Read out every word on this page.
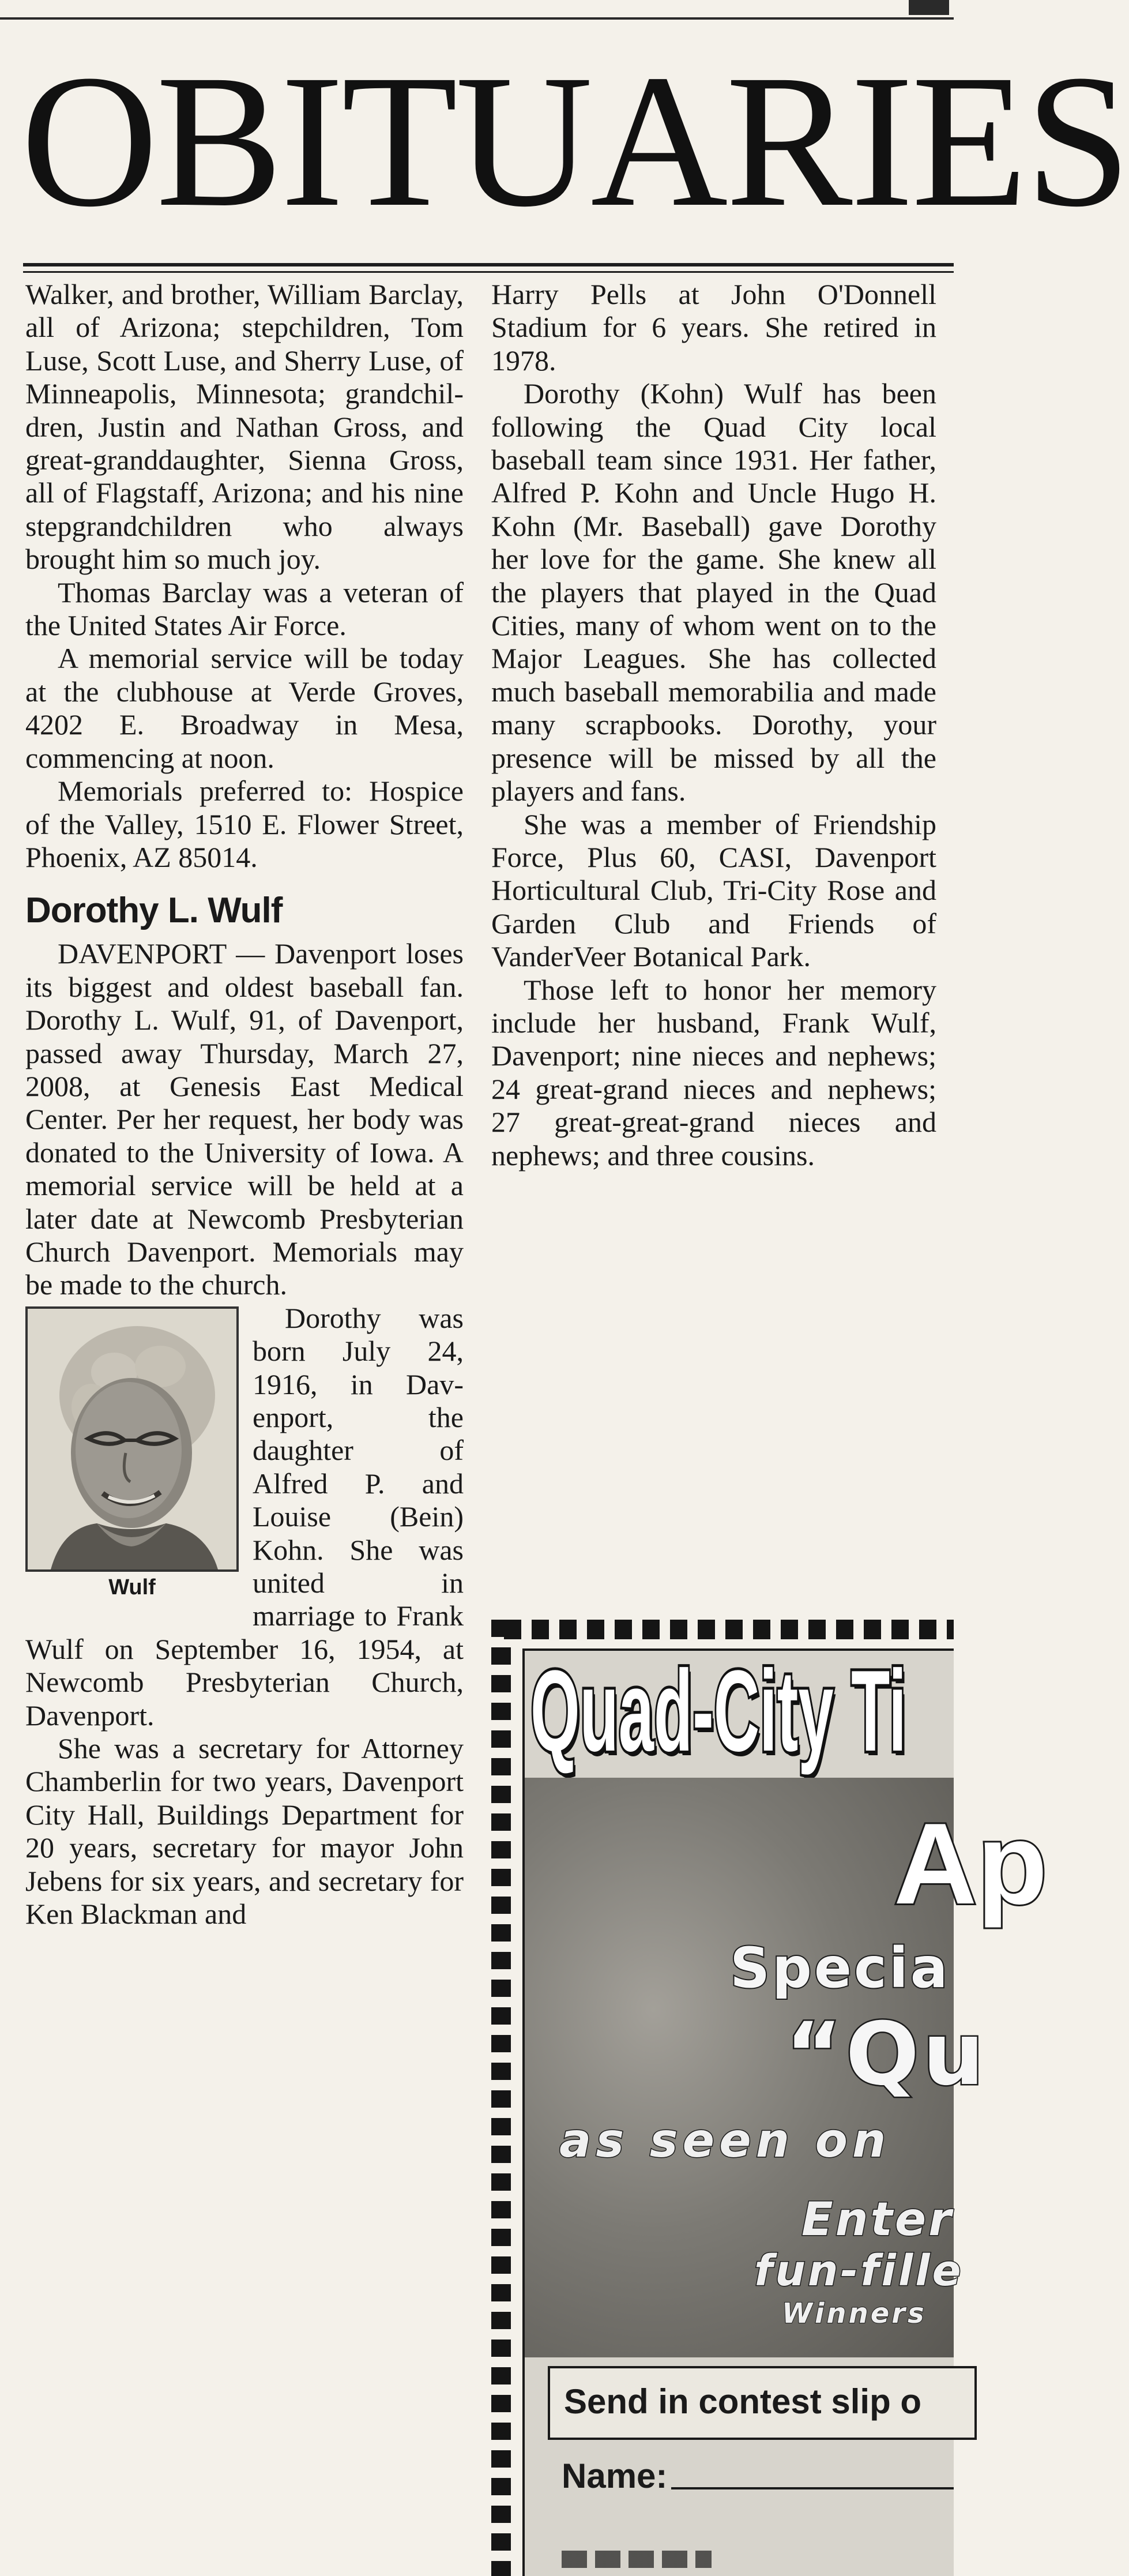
OBITUARIES

Walker, and brother, William Barclay, all of Arizona; stepchildren, Tom Luse, Scott Luse, and Sherry Luse, of Minneapolis, Minnesota; grandchildren, Justin and Nathan Gross, and great-granddaughter, Sienna Gross, all of Flagstaff, Arizona; and his nine stepgrandchildren who always brought him so much joy.

Thomas Barclay was a veteran of the United States Air Force.

A memorial service will be today at the clubhouse at Verde Groves, 4202 E. Broadway in Mesa, commencing at noon.

Memorials preferred to: Hospice of the Valley, 1510 E. Flower Street, Phoenix, AZ 85014.

Dorothy L. Wulf

DAVENPORT — Davenport loses its biggest and oldest baseball fan. Dorothy L. Wulf, 91, of Davenport, passed away Thursday, March 27, 2008, at Genesis East Medical Center. Per her request, her body was donated to the University of Iowa. A memorial service will be held at a later date at Newcomb Presbyterian Church Davenport. Memorials may be made to the church.

Wulf

Dorothy was born July 24, 1916, in Davenport, the daughter of Alfred P. and Louise (Bein) Kohn. She was united in marriage to Frank Wulf on September 16, 1954, at Newcomb Presbyterian Church, Davenport.

She was a secretary for Attorney Chamberlin for two years, Davenport City Hall, Buildings Department for 20 years, secretary for mayor John Jebens for six years, and secretary for Ken Blackman and

Harry Pells at John O'Donnell Stadium for 6 years. She retired in 1978.

Dorothy (Kohn) Wulf has been following the Quad City local baseball team since 1931. Her father, Alfred P. Kohn and Uncle Hugo H. Kohn (Mr. Baseball) gave Dorothy her love for the game. She knew all the players that played in the Quad Cities, many of whom went on to the Major Leagues. She has collected much baseball memorabilia and made many scrapbooks. Dorothy, your presence will be missed by all the players and fans.

She was a member of Friendship Force, Plus 60, CASI, Davenport Horticultural Club, Tri-City Rose and Garden Club and Friends of VanderVeer Botanical Park.

Those left to honor her memory include her husband, Frank Wulf, Davenport; nine nieces and nephews; 24 great-grand nieces and nephews; 27 great-great-grand nieces and nephews; and three cousins.

Quad-City Ti
Ap
Specia
“Qu
as seen on
Enter
fun-fille
Winners
Send in contest slip o
Name:
